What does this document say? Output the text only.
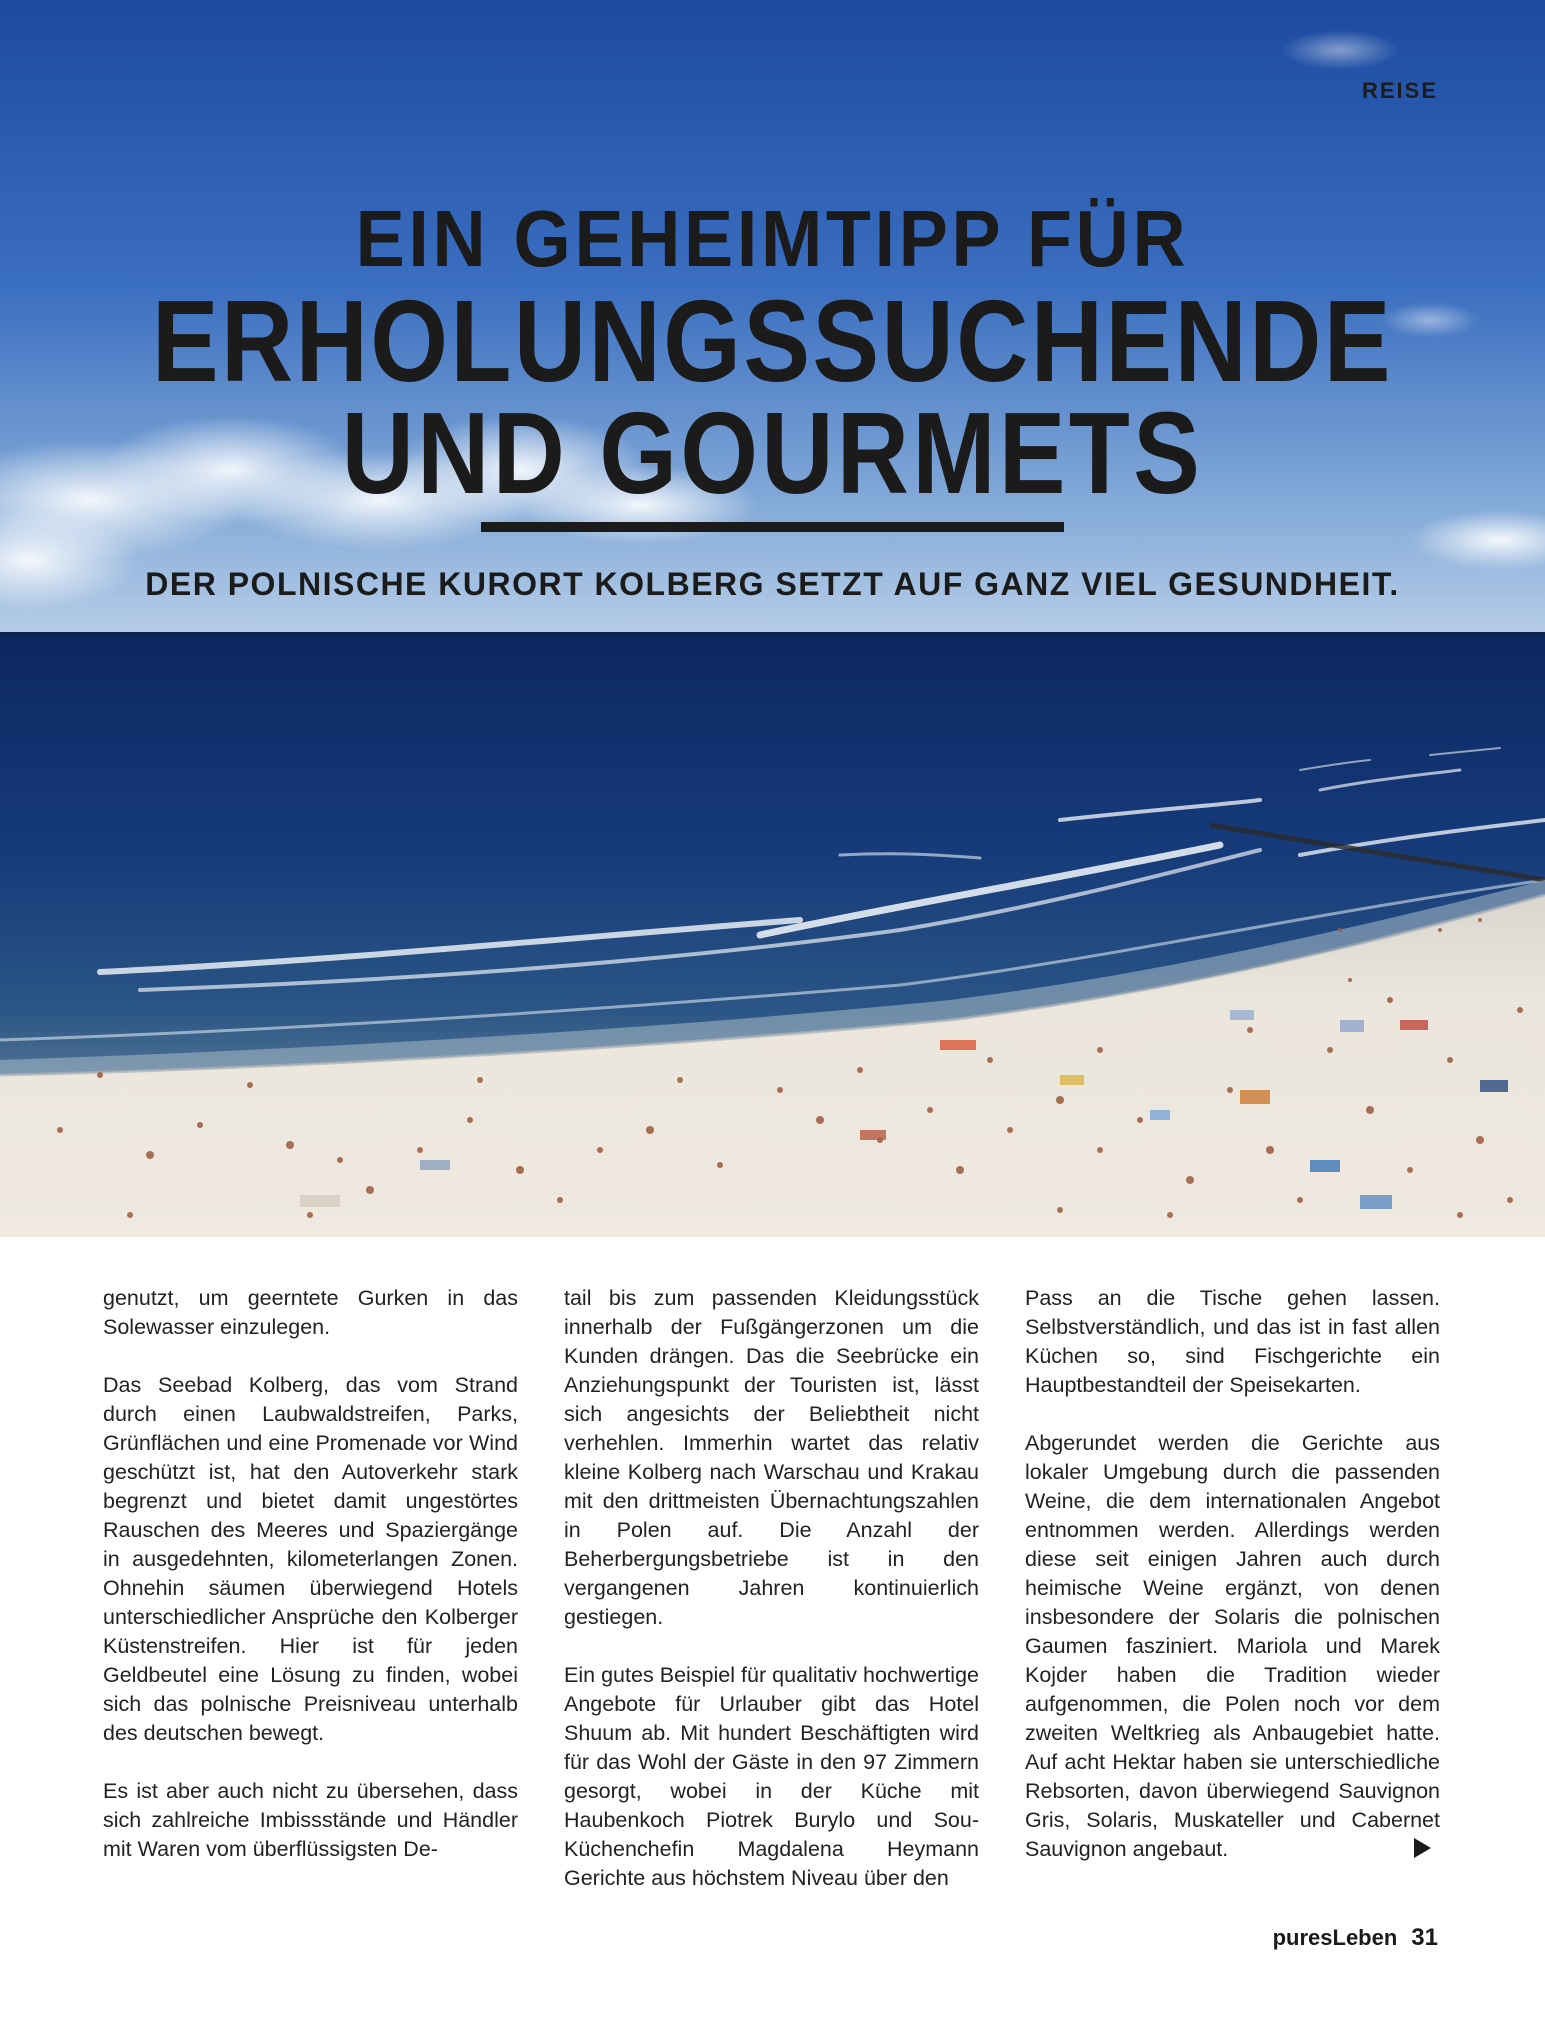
REISE
EIN GEHEIMTIPP FÜR
ERHOLUNGSSUCHENDE
UND GOURMETS
DER POLNISCHE KURORT KOLBERG SETZT AUF GANZ VIEL GESUNDHEIT.

genutzt, um geerntete Gurken in das Solewasser einzulegen.

Das Seebad Kolberg, das vom Strand durch einen Laubwaldstreifen, Parks, Grünflächen und eine Promenade vor Wind geschützt ist, hat den Autoverkehr stark begrenzt und bietet damit ungestörtes Rauschen des Meeres und Spaziergänge in ausgedehnten, kilometerlangen Zonen. Ohnehin säumen überwiegend Hotels unterschiedlicher Ansprüche den Kolberger Küstenstreifen. Hier ist für jeden Geldbeutel eine Lösung zu finden, wobei sich das polnische Preisniveau unterhalb des deutschen bewegt.

Es ist aber auch nicht zu übersehen, dass sich zahlreiche Imbissstände und Händler mit Waren vom überflüssigsten De-

tail bis zum passenden Kleidungsstück innerhalb der Fußgängerzonen um die Kunden drängen. Das die Seebrücke ein Anziehungspunkt der Touristen ist, lässt sich angesichts der Beliebtheit nicht verhehlen. Immerhin wartet das relativ kleine Kolberg nach Warschau und Krakau mit den drittmeisten Übernachtungszahlen in Polen auf. Die Anzahl der Beherbergungsbetriebe ist in den vergangenen Jahren kontinuierlich gestiegen.

Ein gutes Beispiel für qualitativ hochwertige Angebote für Urlauber gibt das Hotel Shuum ab. Mit hundert Beschäftigten wird für das Wohl der Gäste in den 97 Zimmern gesorgt, wobei in der Küche mit Haubenkoch Piotrek Burylo und Sou-Küchenchefin Magdalena Heymann Gerichte aus höchstem Niveau über den

Pass an die Tische gehen lassen. Selbstverständlich, und das ist in fast allen Küchen so, sind Fischgerichte ein Hauptbestandteil der Speisekarten.

Abgerundet werden die Gerichte aus lokaler Umgebung durch die passenden Weine, die dem internationalen Angebot entnommen werden. Allerdings werden diese seit einigen Jahren auch durch heimische Weine ergänzt, von denen insbesondere der Solaris die polnischen Gaumen fasziniert. Mariola und Marek Kojder haben die Tradition wieder aufgenommen, die Polen noch vor dem zweiten Weltkrieg als Anbaugebiet hatte. Auf acht Hektar haben sie unterschiedliche Rebsorten, davon überwiegend Sauvignon Gris, Solaris, Muskateller und Cabernet Sauvignon angebaut.

puresLeben 31
